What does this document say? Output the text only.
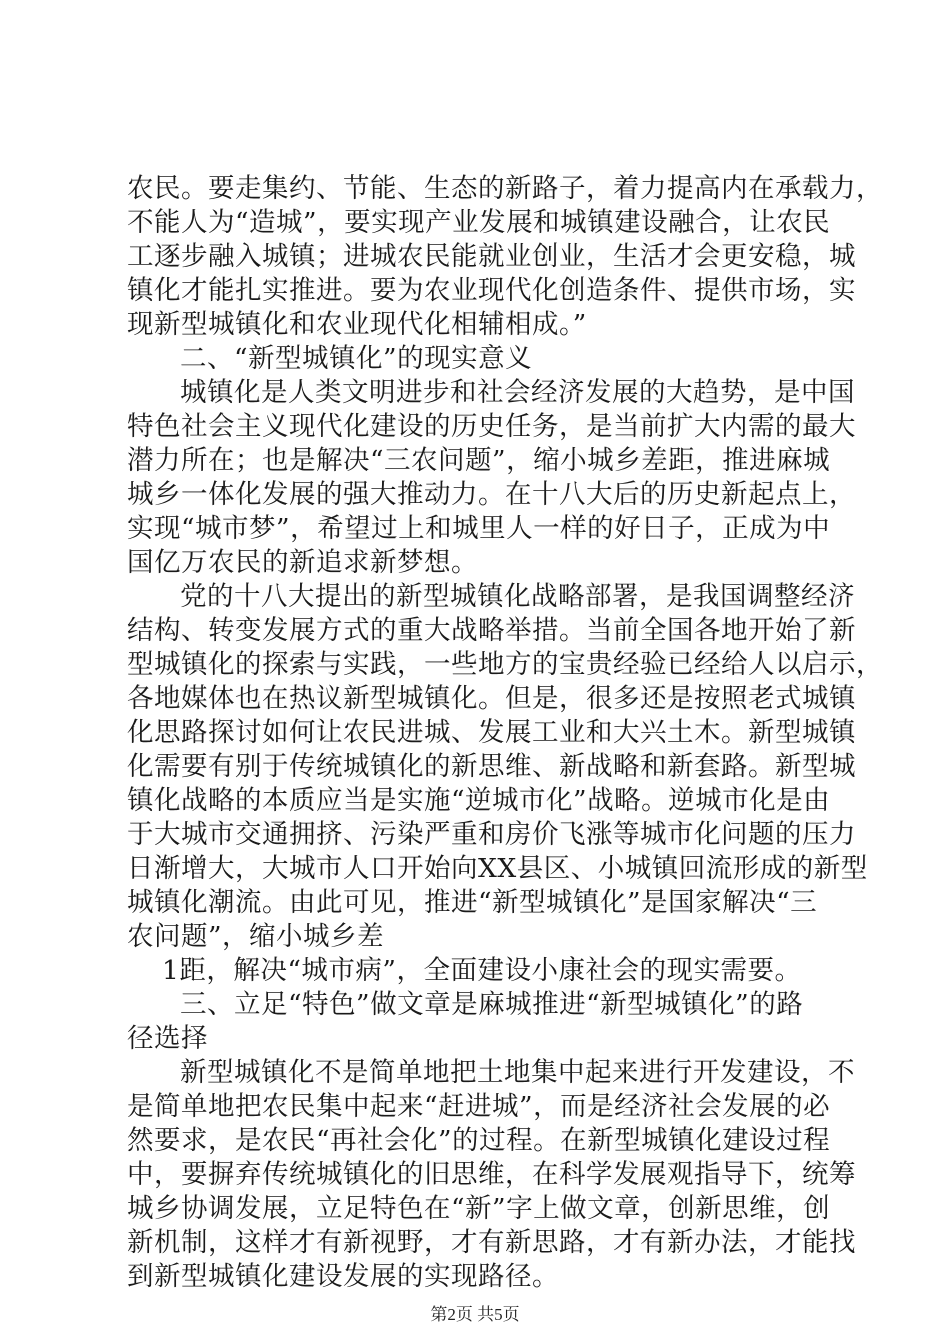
农民。要走集约、节能、生态的新路子，着力提高内在承载力，
不能人为“造城”，要实现产业发展和城镇建设融合，让农民
工逐步融入城镇；进城农民能就业创业，生活才会更安稳，城
镇化才能扎实推进。要为农业现代化创造条件、提供市场，实
现新型城镇化和农业现代化相辅相成。”
二、“新型城镇化”的现实意义
城镇化是人类文明进步和社会经济发展的大趋势，是中国
特色社会主义现代化建设的历史任务，是当前扩大内需的最大
潜力所在；也是解决“三农问题”，缩小城乡差距，推进麻城
城乡一体化发展的强大推动力。在十八大后的历史新起点上，
实现“城市梦”，希望过上和城里人一样的好日子，正成为中
国亿万农民的新追求新梦想。
党的十八大提出的新型城镇化战略部署，是我国调整经济
结构、转变发展方式的重大战略举措。当前全国各地开始了新
型城镇化的探索与实践，一些地方的宝贵经验已经给人以启示，
各地媒体也在热议新型城镇化。但是，很多还是按照老式城镇
化思路探讨如何让农民进城、发展工业和大兴土木。新型城镇
化需要有别于传统城镇化的新思维、新战略和新套路。新型城
镇化战略的本质应当是实施“逆城市化”战略。逆城市化是由
于大城市交通拥挤、污染严重和房价飞涨等城市化问题的压力
日渐增大，大城市人口开始向XX县区、小城镇回流形成的新型
城镇化潮流。由此可见，推进“新型城镇化”是国家解决“三
农问题”，缩小城乡差
1距，解决“城市病”，全面建设小康社会的现实需要。
三、立足“特色”做文章是麻城推进“新型城镇化”的路
径选择
新型城镇化不是简单地把土地集中起来进行开发建设，不
是简单地把农民集中起来“赶进城”，而是经济社会发展的必
然要求，是农民“再社会化”的过程。在新型城镇化建设过程
中，要摒弃传统城镇化的旧思维，在科学发展观指导下，统筹
城乡协调发展，立足特色在“新”字上做文章，创新思维，创
新机制，这样才有新视野，才有新思路，才有新办法，才能找
到新型城镇化建设发展的实现路径。
第2页 共5页
